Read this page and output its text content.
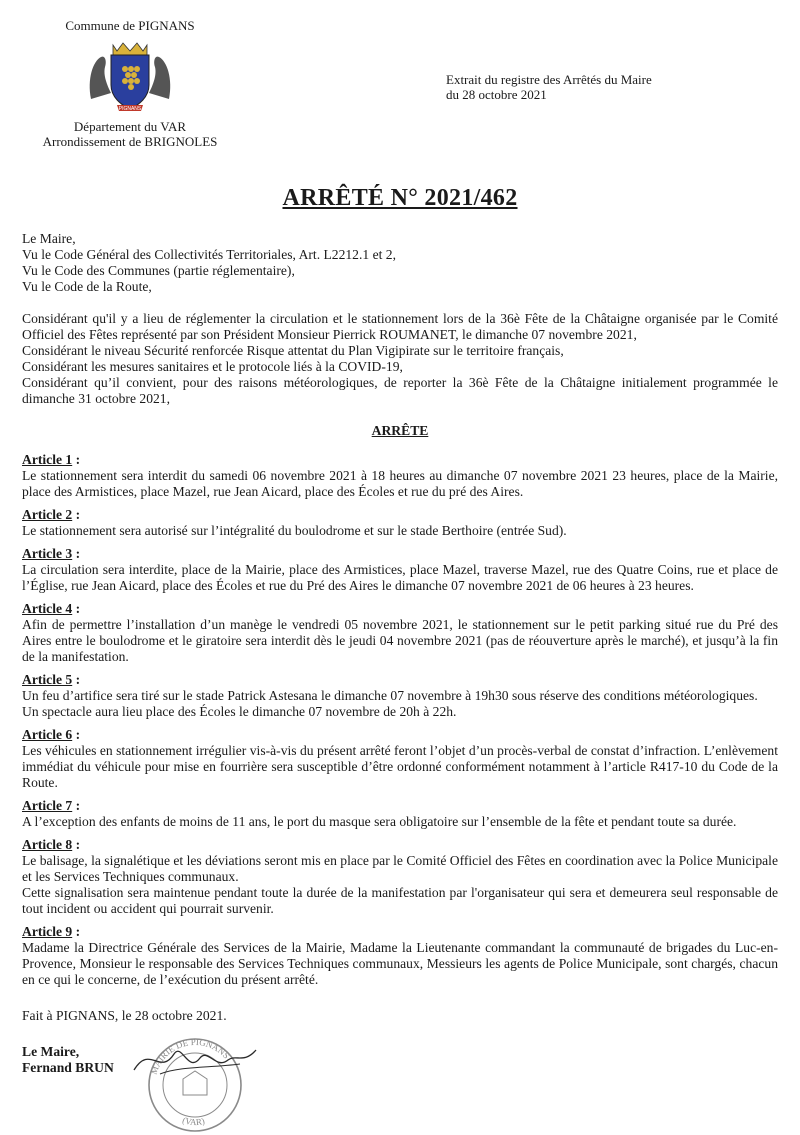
Commune de PIGNANS
PIGNANS
Département du VAR
Arrondissement de BRIGNOLES
Extrait du registre des Arrêtés du Maire
du 28 octobre 2021
ARRÊTÉ N° 2021/462

Le Maire,

Vu le Code Général des Collectivités Territoriales, Art. L2212.1 et 2,

Vu le Code des Communes (partie réglementaire),

Vu le Code de la Route,

Considérant qu'il y a lieu de réglementer la circulation et le stationnement lors de la 36è Fête de la Châtaigne organisée par le Comité Officiel des Fêtes représenté par son Président Monsieur Pierrick ROUMANET, le dimanche 07 novembre 2021,

Considérant le niveau Sécurité renforcée Risque attentat du Plan Vigipirate sur le territoire français,

Considérant les mesures sanitaires et le protocole liés à la COVID-19,

Considérant qu’il convient, pour des raisons météorologiques, de reporter la 36è Fête de la Châtaigne initialement programmée le dimanche 31 octobre 2021,

ARRÊTE

Article 1 :

Le stationnement sera interdit du samedi 06 novembre 2021 à 18 heures au dimanche 07 novembre 2021 23 heures, place de la Mairie, place des Armistices, place Mazel, rue Jean Aicard, place des Écoles et rue du pré des Aires.

Article 2 :

Le stationnement sera autorisé sur l’intégralité du boulodrome et sur le stade Berthoire (entrée Sud).

Article 3 :

La circulation sera interdite, place de la Mairie, place des Armistices, place Mazel, traverse Mazel, rue des Quatre Coins, rue et place de l’Église, rue Jean Aicard, place des Écoles et rue du Pré des Aires le dimanche 07 novembre 2021 de 06 heures à 23 heures.

Article 4 :

Afin de permettre l’installation d’un manège le vendredi 05 novembre 2021, le stationnement sur le petit parking situé rue du Pré des Aires entre le boulodrome et le giratoire sera interdit dès le jeudi 04 novembre 2021 (pas de réouverture après le marché), et jusqu’à la fin de la manifestation.

Article 5 :

Un feu d’artifice sera tiré sur le stade Patrick Astesana le dimanche 07 novembre à 19h30 sous réserve des conditions météorologiques.

Un spectacle aura lieu place des Écoles le dimanche 07 novembre de 20h à 22h.

Article 6 :

Les véhicules en stationnement irrégulier vis-à-vis du présent arrêté feront l’objet d’un procès-verbal de constat d’infraction. L’enlèvement immédiat du véhicule pour mise en fourrière sera susceptible d’être ordonné conformément notamment à l’article R417-10 du Code de la Route.

Article 7 :

A l’exception des enfants de moins de 11 ans, le port du masque sera obligatoire sur l’ensemble de la fête et pendant toute sa durée.

Article 8 :

Le balisage, la signalétique et les déviations seront mis en place par le Comité Officiel des Fêtes en coordination avec la Police Municipale et les Services Techniques communaux.

Cette signalisation sera maintenue pendant toute la durée de la manifestation par l'organisateur qui sera et demeurera seul responsable de tout incident ou accident qui pourrait survenir.

Article 9 :

Madame la Directrice Générale des Services de la Mairie, Madame la Lieutenante commandant la communauté de brigades du Luc-en-Provence, Monsieur le responsable des Services Techniques communaux, Messieurs les agents de Police Municipale, sont chargés, chacun en ce qui le concerne, de l’exécution du présent arrêté.

Fait à PIGNANS, le 28 octobre 2021.

Le Maire,
Fernand BRUN	MAIRIE DE PIGNANS
(VAR)
